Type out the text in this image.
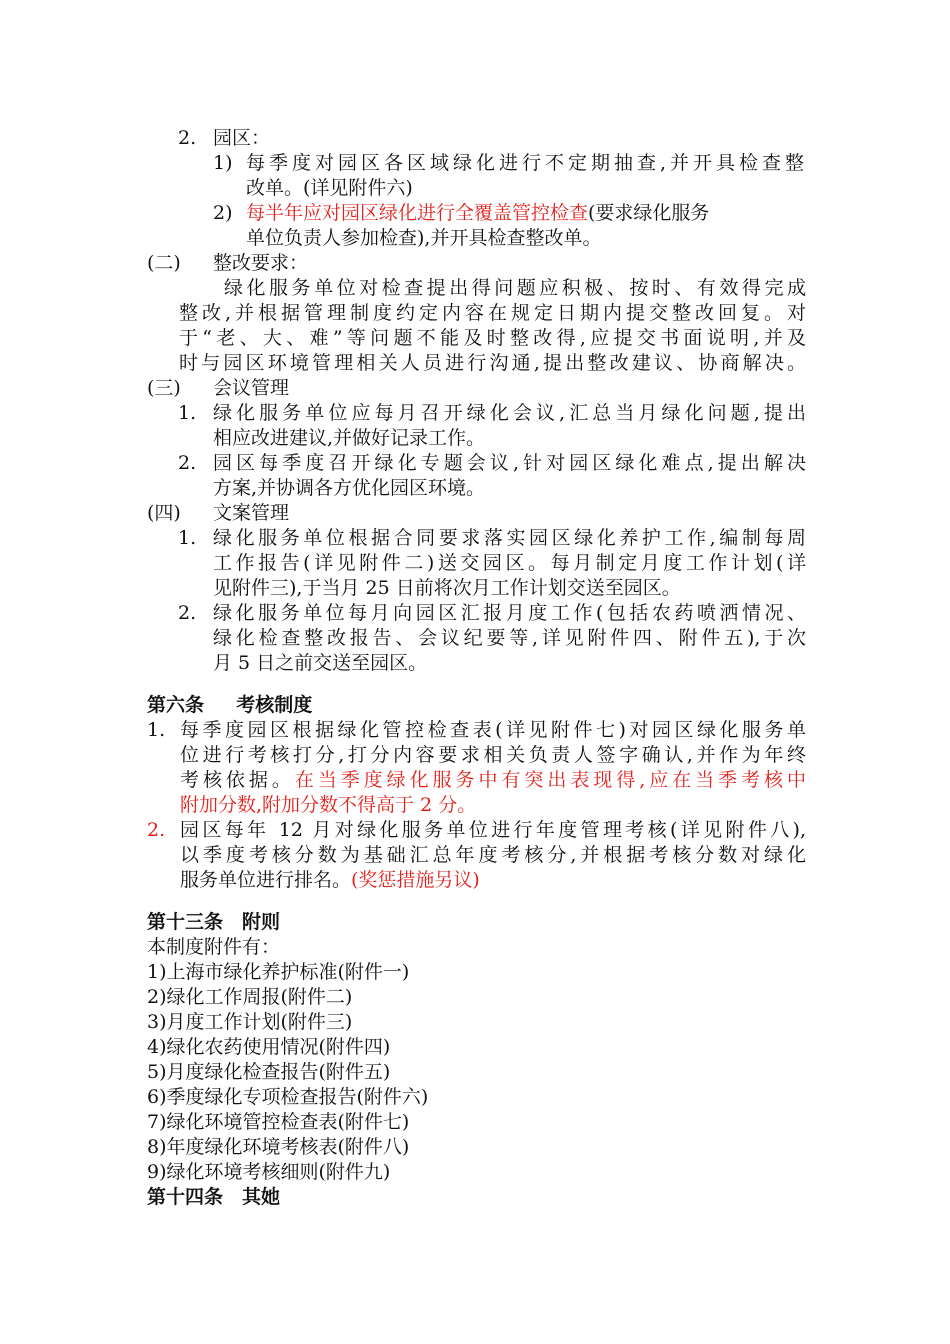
2. 园区：
1) 每季度对园区各区域绿化进行不定期抽查,并开具检查整
改单。(详见附件六)
2) 每半年应对园区绿化进行全覆盖管控检查(要求绿化服务
单位负责人参加检查),并开具检查整改单。
(二) 整改要求：
绿化服务单位对检查提出得问题应积极、按时、有效得完成
整改,并根据管理制度约定内容在规定日期内提交整改回复。对
于“老、大、难”等问题不能及时整改得,应提交书面说明,并及
时与园区环境管理相关人员进行沟通,提出整改建议、协商解决。
(三) 会议管理
1. 绿化服务单位应每月召开绿化会议,汇总当月绿化问题,提出
相应改进建议,并做好记录工作。
2. 园区每季度召开绿化专题会议,针对园区绿化难点,提出解决
方案,并协调各方优化园区环境。
(四) 文案管理
1. 绿化服务单位根据合同要求落实园区绿化养护工作,编制每周
工作报告(详见附件二)送交园区。每月制定月度工作计划(详
见附件三),于当月 25 日前将次月工作计划交送至园区。
2. 绿化服务单位每月向园区汇报月度工作(包括农药喷洒情况、
绿化检查整改报告、会议纪要等,详见附件四、附件五),于次
月 5 日之前交送至园区。
第六条　  考核制度
1. 每季度园区根据绿化管控检查表(详见附件七)对园区绿化服务单
位进行考核打分,打分内容要求相关负责人签字确认,并作为年终
考核依据。在当季度绿化服务中有突出表现得,应在当季考核中
附加分数,附加分数不得高于 2 分。
2. 园区每年 12 月对绿化服务单位进行年度管理考核(详见附件八),
以季度考核分数为基础汇总年度考核分,并根据考核分数对绿化
服务单位进行排名。(奖惩措施另议)
第十三条　附则
本制度附件有：
1)上海市绿化养护标准(附件一)
2)绿化工作周报(附件二)
3)月度工作计划(附件三)
4)绿化农药使用情况(附件四)
5)月度绿化检查报告(附件五)
6)季度绿化专项检查报告(附件六)
7)绿化环境管控检查表(附件七)
8)年度绿化环境考核表(附件八)
9)绿化环境考核细则(附件九)
第十四条　其她
